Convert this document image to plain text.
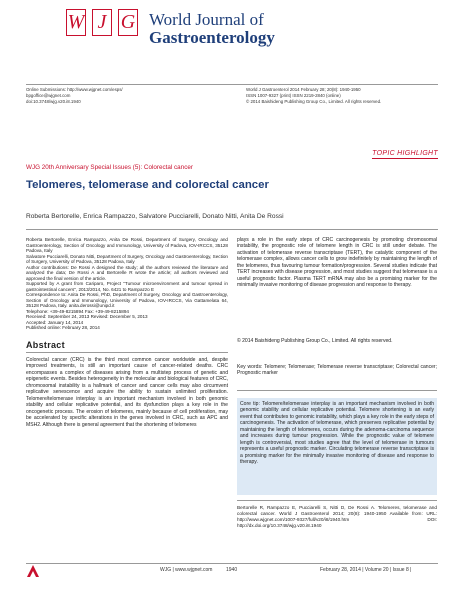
W J G World Journal of
Gastroenterology
Online Submissions: http://www.wjgnet.com/esps/
bpgoffice@wjgnet.com
doi:10.3748/wjg.v20.i8.1940
World J Gastroenterol 2014 February 28; 20(8): 1940-1950
ISSN 1007-9327 (print) ISSN 2219-2840 (online)
© 2014 Baishideng Publishing Group Co., Limited. All rights reserved.
TOPIC HIGHLIGHT
WJG 20th Anniversary Special Issues (5): Colorectal cancer
Telomeres, telomerase and colorectal cancer
Roberta Bertorelle, Enrica Rampazzo, Salvatore Pucciarelli, Donato Nitti, Anita De Rossi

Roberta Bertorelle, Enrica Rampazzo, Anita De Rossi, Department of Surgery, Oncology and Gastroenterology, Section of Oncology and Immunology, University of Padova, IOV-IRCCS, 35128 Padova, Italy

Salvatore Pucciarelli, Donato Nitti, Department of Surgery, Oncology and Gastroenterology, Section of Surgery, University of Padova, 35128 Padova, Italy

Author contributions: De Rossi A designed the study; all the authors reviewed the literature and analyzed the data; De Rossi A and Bertorelle R wrote the article; all authors reviewed and approved the final version of the article.

Supported by A grant from Cariparo, Project "Tumour microenvironment and tumour spread in gastrointestinal cancers", 2013/2014, No. 6421 to Rampazzo E

Correspondence to: Anita De Rossi, PhD, Department of Surgery, Oncology and Gastroenterology, Section of Oncology and Immunology, University of Padova, IOV-IRCCS, Via Gattamelata 64, 35128 Padova, Italy. anita.derossi@unipd.it

Telephone: +39-49-8215894 Fax: +39-49-8215894

Received: September 24, 2013 Revised: December 5, 2013

Accepted: January 14, 2014

Published online: February 28, 2014

Abstract
Colorectal cancer (CRC) is the third most common cancer worldwide and, despite improved treatments, is still an important cause of cancer-related deaths. CRC encompasses a complex of diseases arising from a multistep process of genetic and epigenetic events. Besides heterogeneity in the molecular and biological features of CRC, chromosomal instability is a hallmark of cancer and cancer cells may also circumvent replicative senescence and acquire the ability to sustain unlimited proliferation. Telomere/telomerase interplay is an important mechanism involved in both genomic stability and cellular replicative potential, and its dysfunction plays a key role in the oncogenetic process. The erosion of telomeres, mainly because of cell proliferation, may be accelerated by specific alterations in the genes involved in CRC, such as APC and MSH2. Although there is general agreement that the shortening of telomeres
plays a role in the early steps of CRC carcinogenesis by promoting chromosomal instability, the prognostic role of telomere length in CRC is still under debate. The activation of telomerase reverse transcriptase (TERT), the catalytic component of the telomerase complex, allows cancer cells to grow indefinitely by maintaining the length of the telomeres, thus favouring tumour formation/progression. Several studies indicate that TERT increases with disease progression, and most studies suggest that telomerase is a useful prognostic factor. Plasma TERT mRNA may also be a promising marker for the minimally invasive monitoring of disease progression and response to therapy.
© 2014 Baishideng Publishing Group Co., Limited. All rights reserved.
Key words: Telomere; Telomerase; Telomerase reverse transcriptase; Colorectal cancer; Prognostic marker
Core tip: Telomere/telomerase interplay is an important mechanism involved in both genomic stability and cellular replicative potential. Telomere shortening is an early event that contributes to genomic instability, which plays a key role in the early steps of carcinogenesis. The activation of telomerase, which preserves replicative potential by maintaining the length of telomeres, occurs during the adenoma-carcinoma sequence and increases during tumour progression. While the prognostic value of telomere length is controversial, most studies agree that the level of telomerase in tumours represents a useful prognostic marker. Circulating telomerase reverse transcriptase is a promising marker for the minimally invasive monitoring of disease and response to therapy.
Bertorelle R, Rampazzo E, Pucciarelli S, Nitti D, De Rossi A. Telomeres, telomerase and colorectal cancer. World J Gastroenterol 2014; 20(8): 1940-1950 Available from: URL: http://www.wjgnet.com/1007-9327/full/v20/i8/1940.htm DOI: http://dx.doi.org/10.3748/wjg.v20.i8.1940
WJG | www.wjgnet.com	1940	February 28, 2014 | Volume 20 | Issue 8 |
